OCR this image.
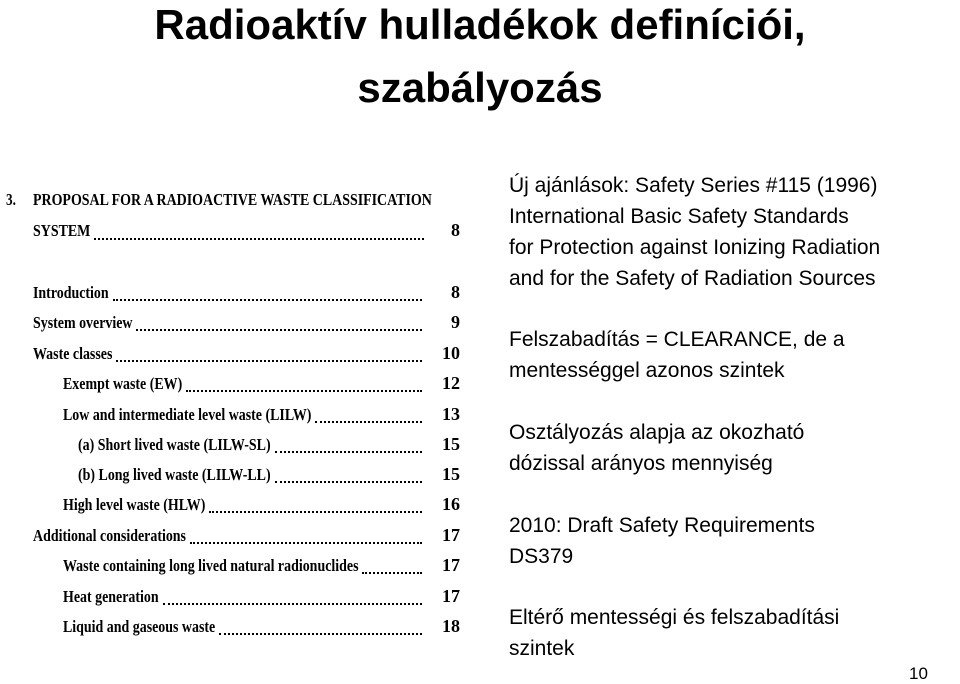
Radioaktív hulladékok definíciói,
szabályozás
3. PROPOSAL FOR A RADIOACTIVE WASTE CLASSIFICATION
SYSTEM	8
Introduction	8
System overview	9
Waste classes	10
Exempt waste (EW)	12
Low and intermediate level waste (LILW)	13
(a) Short lived waste (LILW-SL)	15
(b) Long lived waste (LILW-LL)	15
High level waste (HLW)	16
Additional considerations	17
Waste containing long lived natural radionuclides	17
Heat generation	17
Liquid and gaseous waste	18

Új ajánlások: Safety Series #115 (1996)

International Basic Safety Standards

for Protection against Ionizing Radiation

and for the Safety of Radiation Sources

Felszabadítás = CLEARANCE, de a

mentességgel azonos szintek

Osztályozás alapja az okozható

dózissal arányos mennyiség

2010: Draft Safety Requirements

DS379

Eltérő mentességi és felszabadítási

szintek

10
